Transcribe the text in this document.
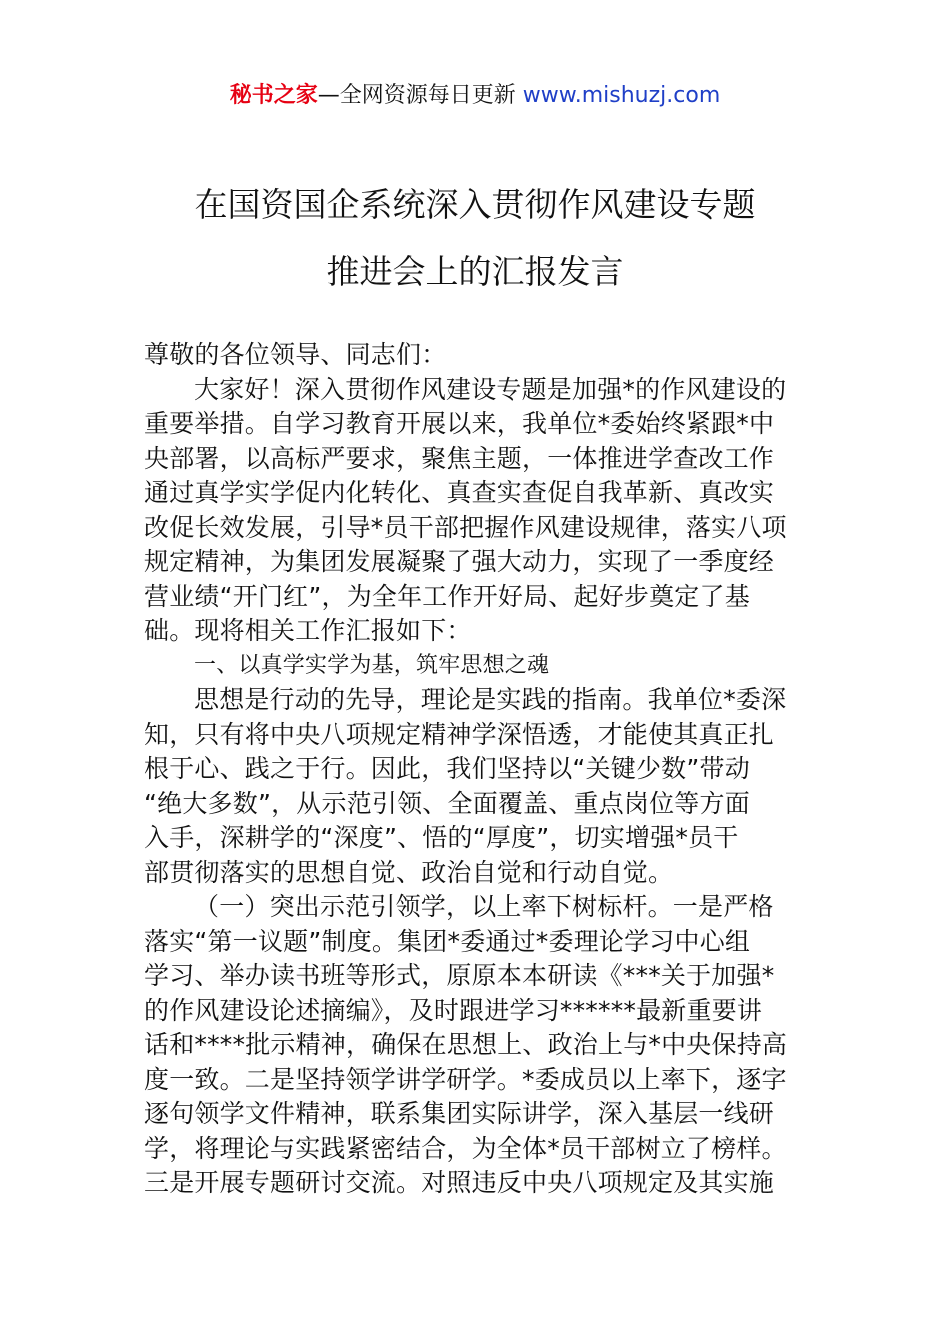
秘书之家—全网资源每日更新 www.mishuzj.com
在国资国企系统深入贯彻作风建设专题
推进会上的汇报发言
尊敬的各位领导、同志们：
大家好！深入贯彻作风建设专题是加强*的作风建设的
重要举措。自学习教育开展以来，我单位*委始终紧跟*中
央部署，以高标严要求，聚焦主题，一体推进学查改工作
通过真学实学促内化转化、真查实查促自我革新、真改实
改促长效发展，引导*员干部把握作风建设规律，落实八项
规定精神，为集团发展凝聚了强大动力，实现了一季度经
营业绩“开门红”，为全年工作开好局、起好步奠定了基
础。现将相关工作汇报如下：
一、以真学实学为基，筑牢思想之魂
思想是行动的先导，理论是实践的指南。我单位*委深
知，只有将中央八项规定精神学深悟透，才能使其真正扎
根于心、践之于行。因此，我们坚持以“关键少数”带动
“绝大多数”，从示范引领、全面覆盖、重点岗位等方面
入手，深耕学的“深度”、悟的“厚度”，切实增强*员干
部贯彻落实的思想自觉、政治自觉和行动自觉。
（一）突出示范引领学，以上率下树标杆。一是严格
落实“第一议题”制度。集团*委通过*委理论学习中心组
学习、举办读书班等形式，原原本本研读《***关于加强*
的作风建设论述摘编》，及时跟进学习******最新重要讲
话和****批示精神，确保在思想上、政治上与*中央保持高
度一致。二是坚持领学讲学研学。*委成员以上率下，逐字
逐句领学文件精神，联系集团实际讲学，深入基层一线研
学，将理论与实践紧密结合，为全体*员干部树立了榜样。
三是开展专题研讨交流。对照违反中央八项规定及其实施
